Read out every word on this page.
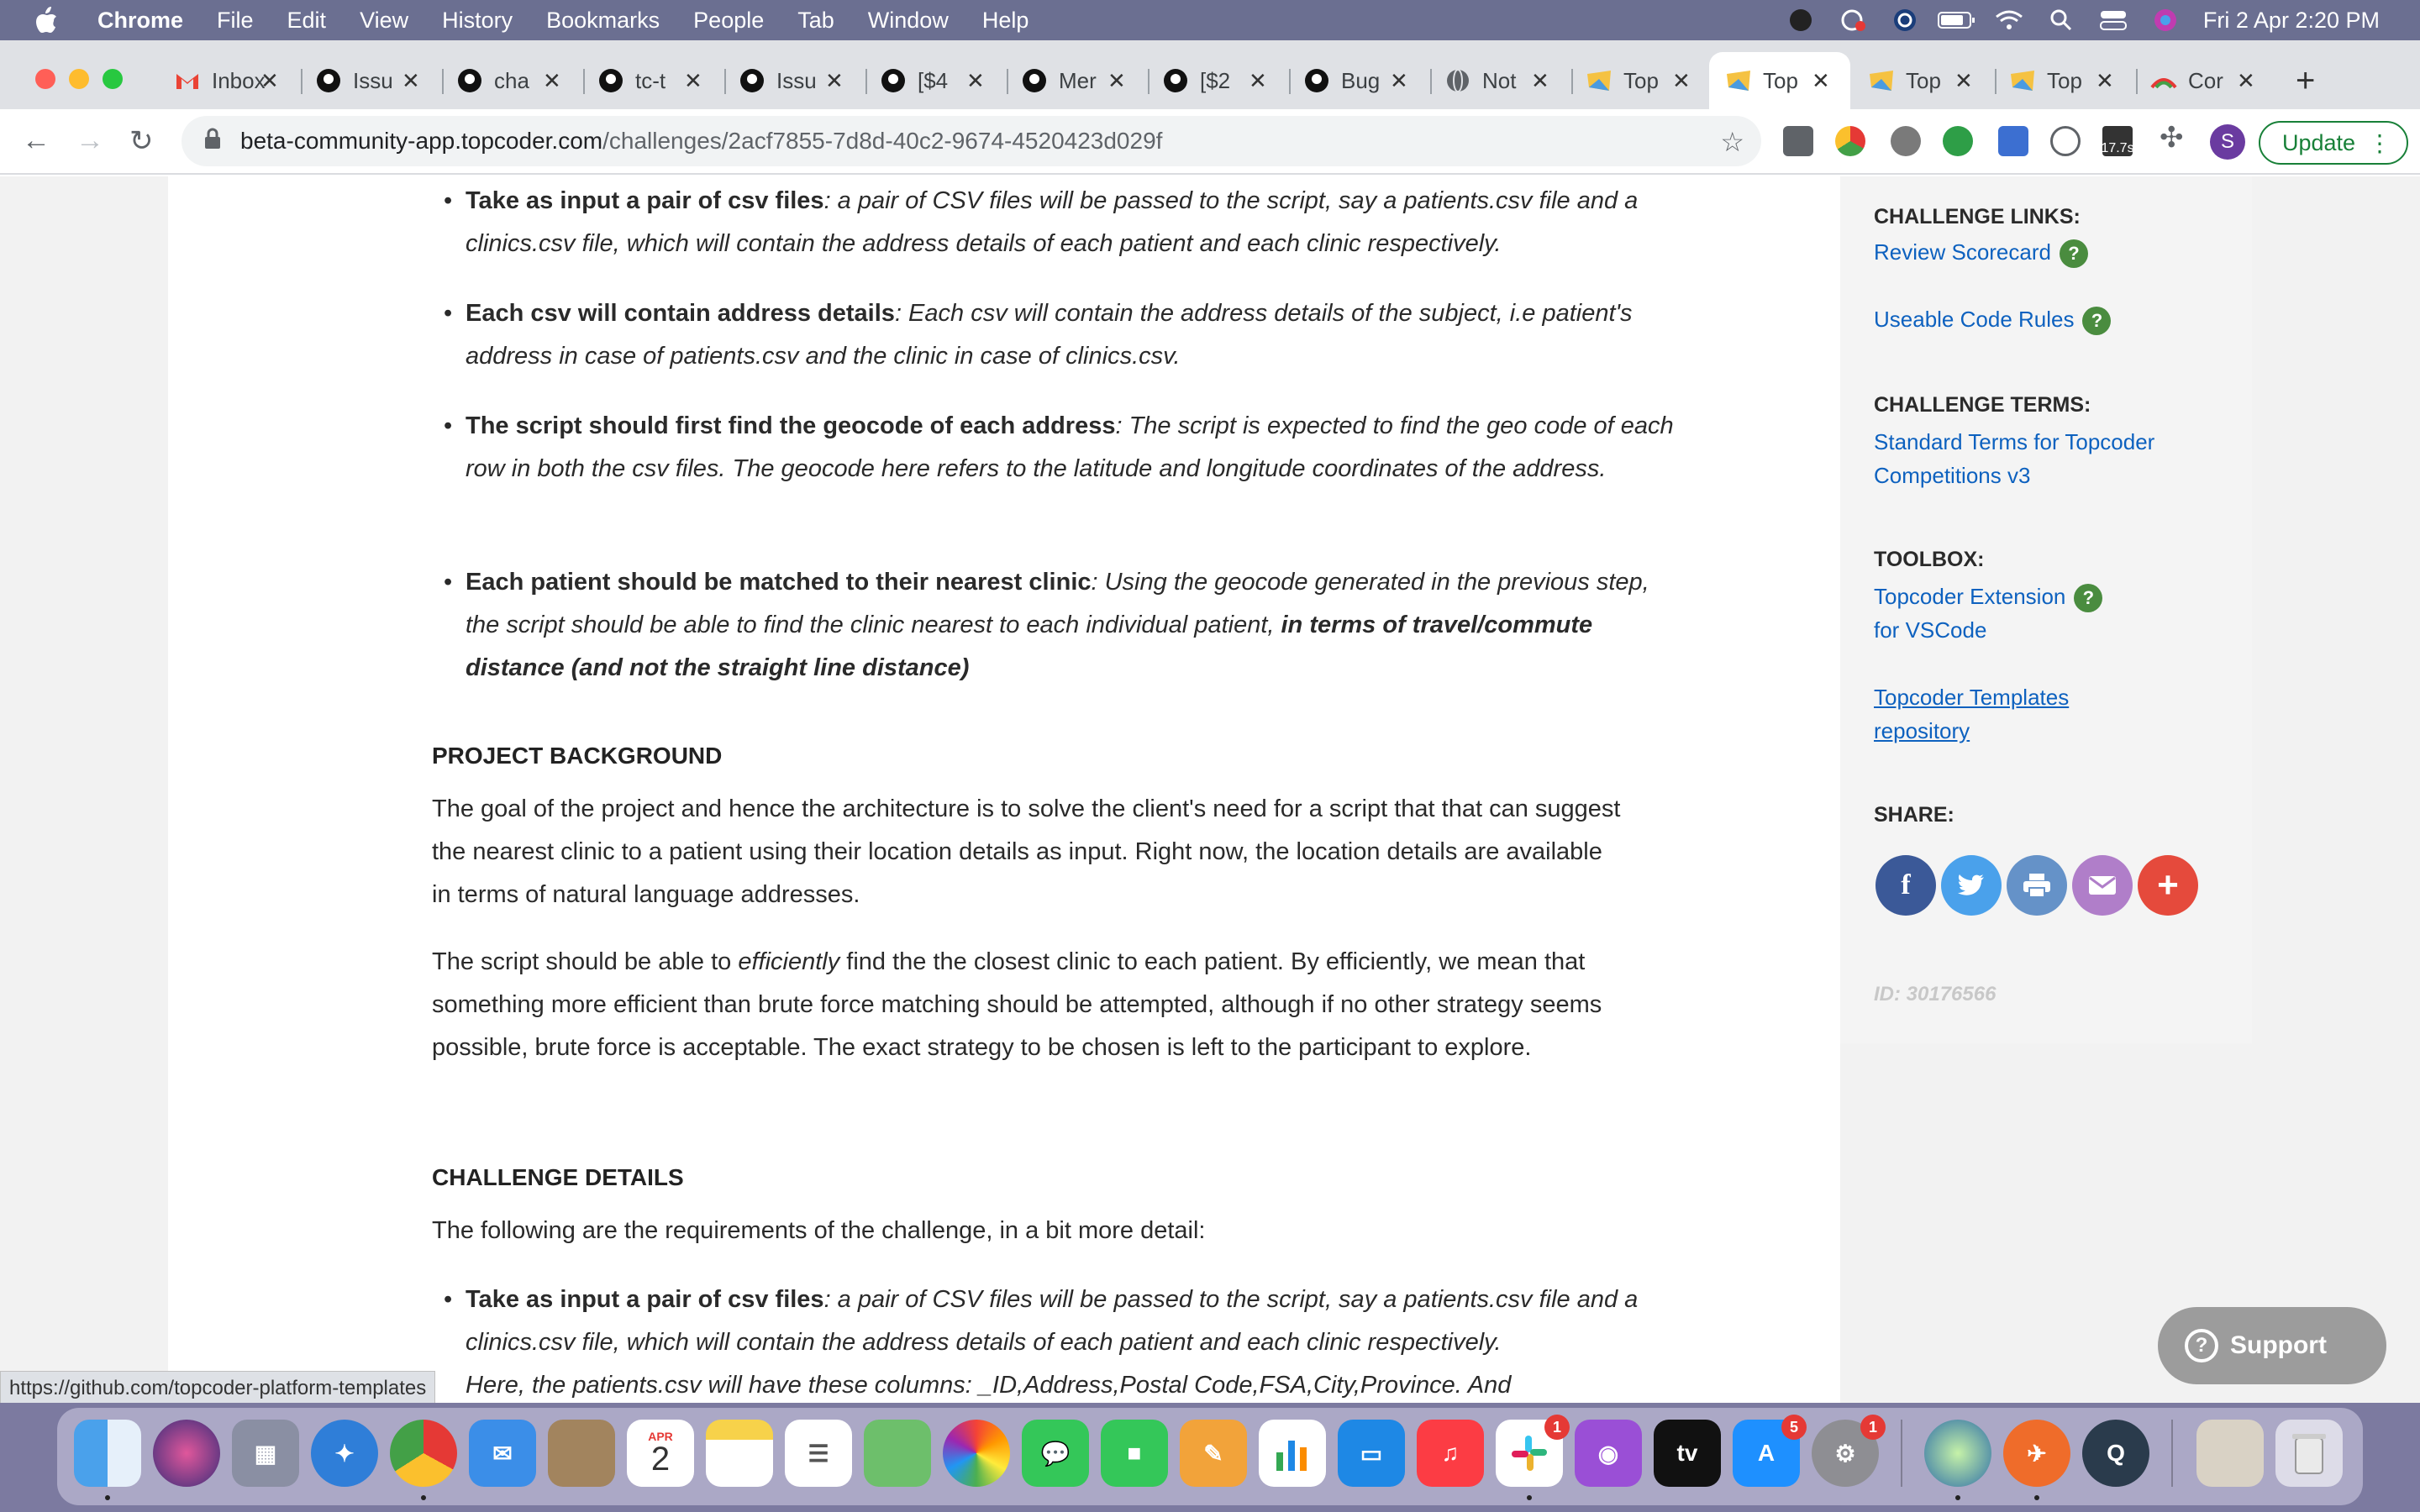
Chrome File Edit View History Bookmarks People Tab Window Help	Fri 2 Apr 2:20 PM
Inbox
✕	Issu ✕	cha ✕	tc-t ✕	Issu ✕	[$4 ✕	Mer ✕	[$2 ✕	Bug ✕	Not ✕	Top ✕	Top ✕	Top ✕	Top ✕	Cor ✕ +
← → ↻	beta-community-app.topcoder.com /challenges/2acf7855-7d8d-40c2-9674-4520423d029f	☆	17.7s ✣	S	Update ⋮
• Take as input a pair of csv files: a pair of CSV files will be passed to the script, say a patients.csv file and a clinics.csv file, which will contain the address details of each patient and each clinic respectively.
• Each csv will contain address details: Each csv will contain the address details of the subject, i.e patient's address in case of patients.csv and the clinic in case of clinics.csv.
• The script should first find the geocode of each address: The script is expected to find the geo code of each row in both the csv files. The geocode here refers to the latitude and longitude coordinates of the address.
• Each patient should be matched to their nearest clinic: Using the geocode generated in the previous step, the script should be able to find the clinic nearest to each individual patient, in terms of travel/commute distance (and not the straight line distance)
PROJECT BACKGROUND
The goal of the project and hence the architecture is to solve the client's need for a script that that can suggest the nearest clinic to a patient using their location details as input. Right now, the location details are available in terms of natural language addresses.
The script should be able to efficiently find the the closest clinic to each patient. By efficiently, we mean that something more efficient than brute force matching should be attempted, although if no other strategy seems possible, brute force is acceptable. The exact strategy to be chosen is left to the participant to explore.
CHALLENGE DETAILS
The following are the requirements of the challenge, in a bit more detail:
• Take as input a pair of csv files: a pair of CSV files will be passed to the script, say a patients.csv file and a clinics.csv file, which will contain the address details of each patient and each clinic respectively.
Here, the patients.csv will have these columns: _ID,Address,Postal Code,FSA,City,Province. And
CHALLENGE LINKS:
Review Scorecard ?
Useable Code Rules ?
CHALLENGE TERMS:
Standard Terms for Topcoder
Competitions v3
TOOLBOX:
Topcoder Extension ?
for VSCode
Topcoder Templates
repository
SHARE:
f	+
ID: 30176566
? Support
https://github.com/topcoder-platform-templates
▦	✦	✉
APR
2	☰	💬	■	✎	▭	♫
1
◉	tv	A
5
⚙
1
✈	Q
